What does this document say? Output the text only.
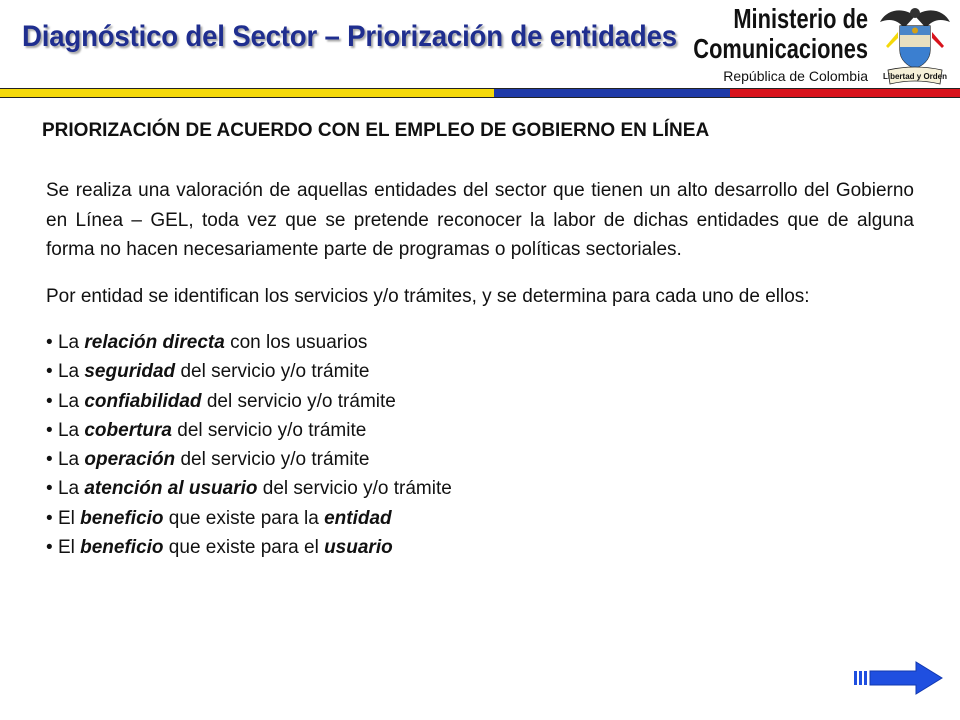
Diagnóstico del Sector – Priorización de entidades
Ministerio de
Comunicaciones
República de Colombia Libertad y Orden
PRIORIZACIÓN DE ACUERDO CON EL EMPLEO DE GOBIERNO EN LÍNEA

Se realiza una valoración de aquellas entidades del sector que tienen un alto desarrollo del Gobierno en Línea – GEL, toda vez que se pretende reconocer la labor de dichas entidades que de alguna forma no hacen necesariamente parte de programas o políticas sectoriales.

Por entidad se identifican los servicios y/o trámites, y se determina para cada uno de ellos:

• La relación directa con los usuarios
• La seguridad del servicio y/o trámite
• La confiabilidad del servicio y/o trámite
• La cobertura del servicio y/o trámite
• La operación del servicio y/o trámite
• La atención al usuario del servicio y/o trámite
• El beneficio que existe para la entidad
• El beneficio que existe para el usuario
